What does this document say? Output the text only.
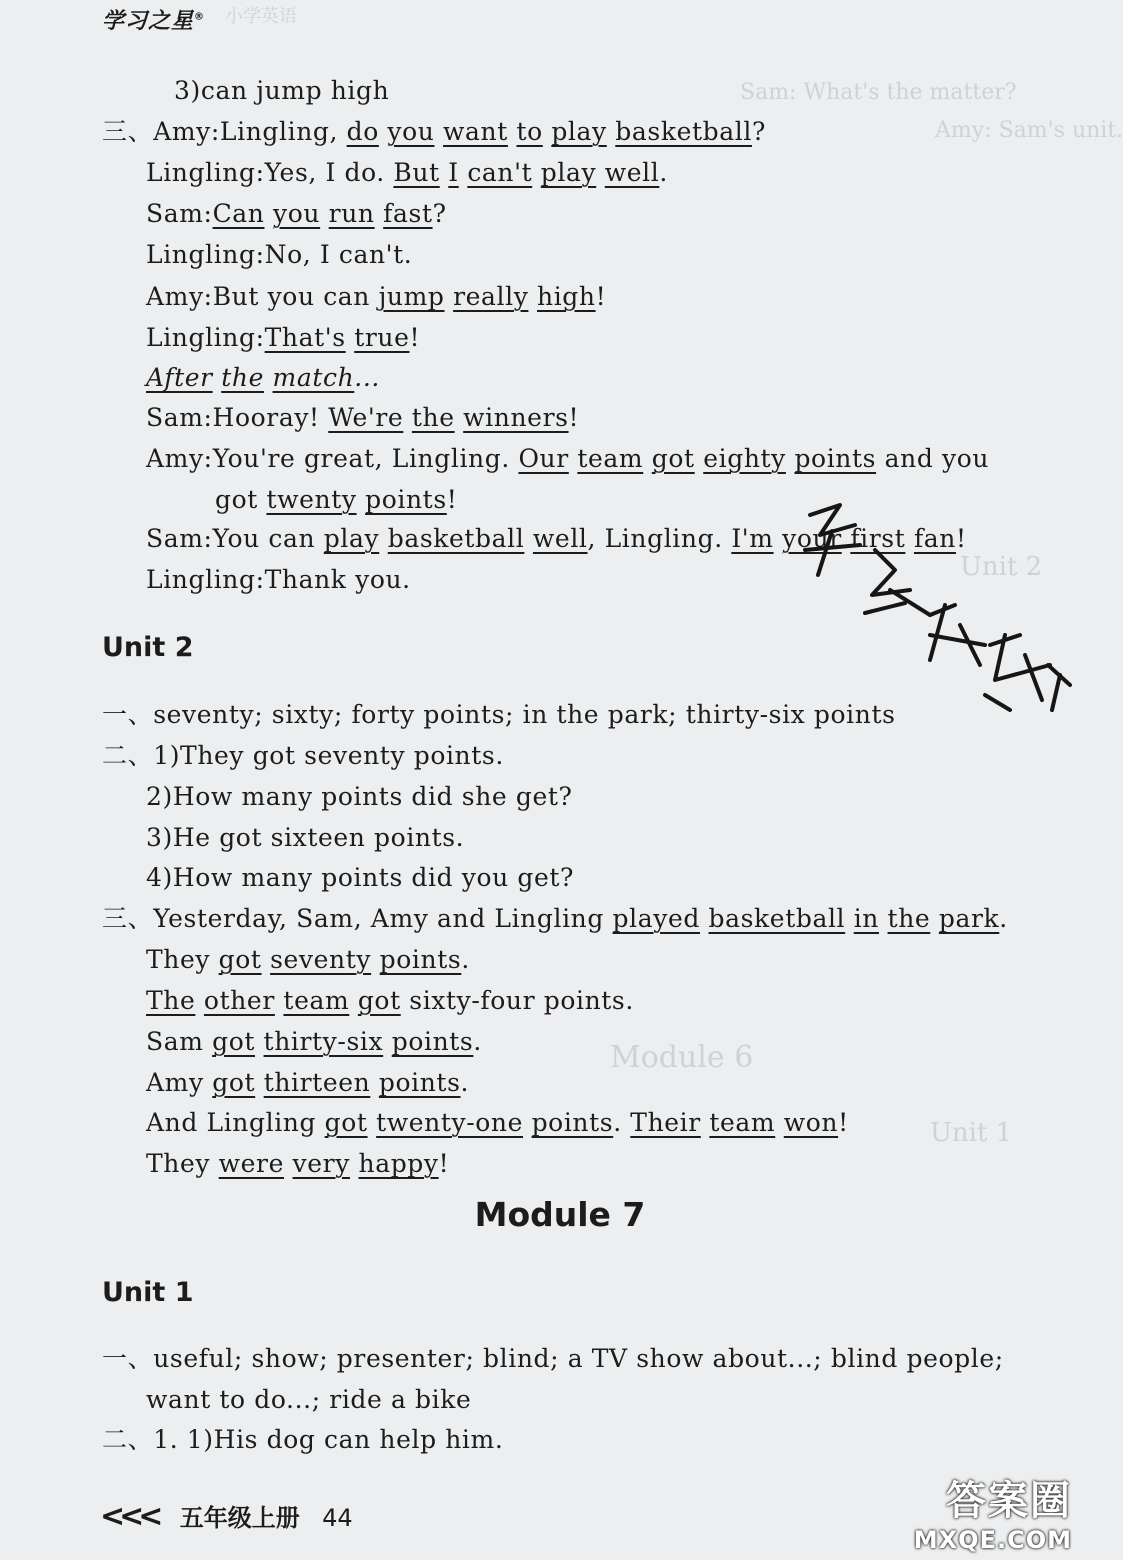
学习之星® 小学英语
Sam: What's the matter?
Amy: Sam's unit.
Module 6
Unit 1
Unit 2
3)can jump high
三、Amy:Lingling, do you want to play basketball?
Lingling:Yes, I do. But I can't play well.
Sam:Can you run fast?
Lingling:No, I can't.
Amy:But you can jump really high!
Lingling:That's true!
After the match...
Sam:Hooray! We're the winners!
Amy:You're great, Lingling. Our team got eighty points and you
got twenty points!
Sam:You can play basketball well, Lingling. I'm your first fan!
Lingling:Thank you.
Unit 2
一、seventy; sixty; forty points; in the park; thirty-six points
二、1)They got seventy points.
2)How many points did she get?
3)He got sixteen points.
4)How many points did you get?
三、Yesterday, Sam, Amy and Lingling played basketball in the park.
They got seventy points.
The other team got sixty-four points.
Sam got thirty-six points.
Amy got thirteen points.
And Lingling got twenty-one points. Their team won!
They were very happy!
Module 7
Unit 1
一、useful; show; presenter; blind; a TV show about...; blind people;
want to do...; ride a bike
二、1. 1)His dog can help him.
<<< 五年级上册 44	答案圈
MXQE.COM
